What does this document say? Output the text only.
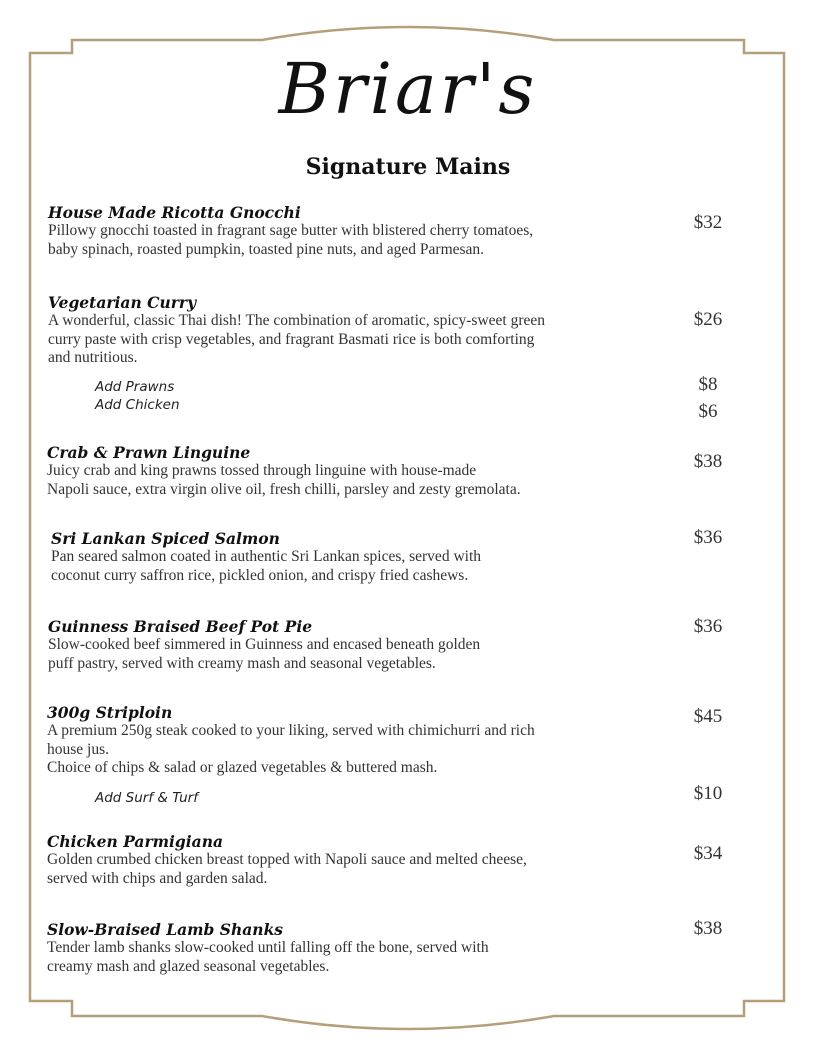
Briar's
Signature Mains
House Made Ricotta Gnocchi
Pillowy gnocchi toasted in fragrant sage butter with blistered cherry tomatoes,
baby spinach, roasted pumpkin, toasted pine nuts, and aged Parmesan.
$32
Vegetarian Curry
A wonderful, classic Thai dish! The combination of aromatic, spicy-sweet green
curry paste with crisp vegetables, and fragrant Basmati rice is both comforting
and nutritious.
$26
Add Prawns	$8
Add Chicken	$6
Crab & Prawn Linguine
Juicy crab and king prawns tossed through linguine with house-made
Napoli sauce, extra virgin olive oil, fresh chilli, parsley and zesty gremolata.
$38
Sri Lankan Spiced Salmon
Pan seared salmon coated in authentic Sri Lankan spices, served with
coconut curry saffron rice, pickled onion, and crispy fried cashews.
$36
Guinness Braised Beef Pot Pie
Slow-cooked beef simmered in Guinness and encased beneath golden
puff pastry, served with creamy mash and seasonal vegetables.
$36
300g Striploin
A premium 250g steak cooked to your liking, served with chimichurri and rich
house jus.
Choice of chips & salad or glazed vegetables & buttered mash.
$45
Add Surf & Turf	$10
Chicken Parmigiana
Golden crumbed chicken breast topped with Napoli sauce and melted cheese,
served with chips and garden salad.
$34
Slow-Braised Lamb Shanks
Tender lamb shanks slow-cooked until falling off the bone, served with
creamy mash and glazed seasonal vegetables.
$38
